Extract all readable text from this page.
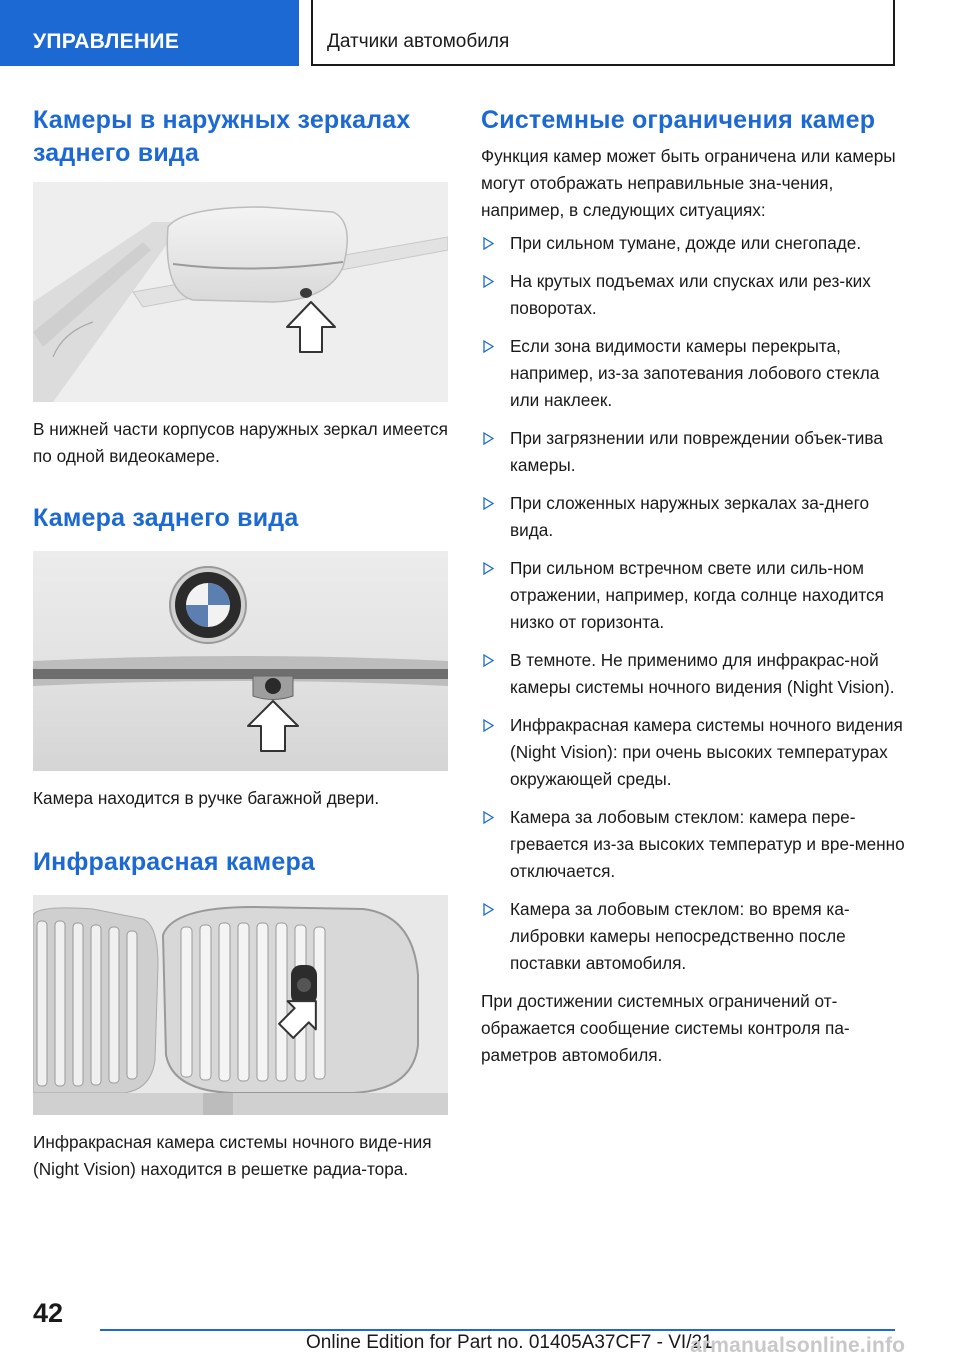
УПРАВЛЕНИЕ	Датчики автомобиля
Камеры в наружных зеркалах заднего вида

В нижней части корпусов наружных зеркал имеется по одной видеокамере.

Камера заднего вида

Камера находится в ручке багажной двери.

Инфракрасная камера

Инфракрасная камера системы ночного виде-ния (Night Vision) находится в решетке радиа-тора.

Системные ограничения камер

Функция камер может быть ограничена или камеры могут отображать неправильные зна-чения, например, в следующих ситуациях:

При сильном тумане, дожде или снегопаде.
На крутых подъемах или спусках или рез-ких поворотах.
Если зона видимости камеры перекрыта, например, из-за запотевания лобового стекла или наклеек.
При загрязнении или повреждении объек-тива камеры.
При сложенных наружных зеркалах за-днего вида.
При сильном встречном свете или силь-ном отражении, например, когда солнце находится низко от горизонта.
В темноте. Не применимо для инфракрас-ной камеры системы ночного видения (Night Vision).
Инфракрасная камера системы ночного видения (Night Vision): при очень высоких температурах окружающей среды.
Камера за лобовым стеклом: камера пере-гревается из-за высоких температур и вре-менно отключается.
Камера за лобовым стеклом: во время ка-либровки камеры непосредственно после поставки автомобиля.

При достижении системных ограничений от-ображается сообщение системы контроля па-раметров автомобиля.

42
Online Edition for Part no. 01405A37CF7 - VI/21
armanualsonline.info
